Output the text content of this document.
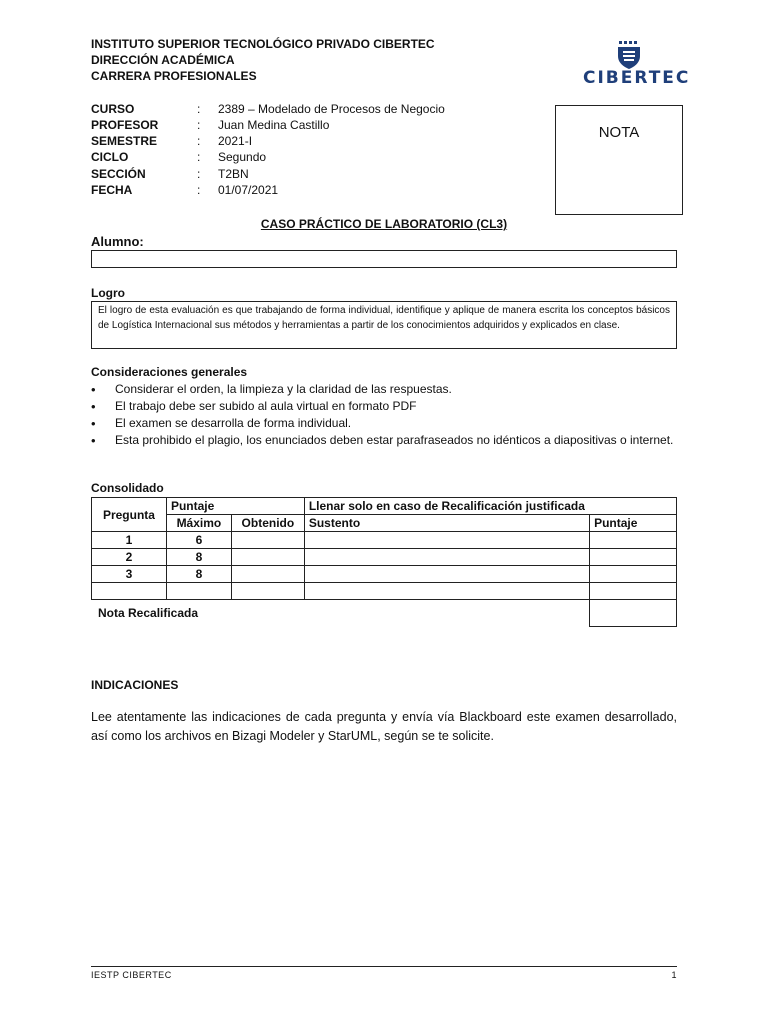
INSTITUTO SUPERIOR TECNOLÓGICO PRIVADO CIBERTEC
DIRECCIÓN ACADÉMICA
CARRERA PROFESIONALES	CIBERTEC
CURSO	: 2389 – Modelado de Procesos de Negocio
PROFESOR	: Juan Medina Castillo
SEMESTRE	: 2021-I
CICLO	: Segundo
SECCIÓN	: T2BN
FECHA	: 01/07/2021
NOTA
CASO PRÁCTICO DE LABORATORIO (CL3)
Alumno:
Logro
El logro de esta evaluación es que trabajando de forma individual, identifique y aplique de manera escrita los conceptos básicos de Logística Internacional sus métodos y herramientas a partir de los conocimientos adquiridos y explicados en clase.
Consideraciones generales
• Considerar el orden, la limpieza y la claridad de las respuestas.
• El trabajo debe ser subido al aula virtual en formato PDF
• El examen se desarrolla de forma individual.
• Esta prohibido el plagio, los enunciados deben estar parafraseados no idénticos a diapositivas o internet.
Consolidado
Pregunta	Puntaje		Llenar solo en caso de Recalificación justificada	
	Máximo	Obtenido	Sustento	Puntaje
1	6			
2	8			
3	8			

Nota Recalificada
INDICACIONES
Lee atentamente las indicaciones de cada pregunta y envía vía Blackboard este examen desarrollado, así como los archivos en Bizagi Modeler y StarUML, según se te solicite.
IESTP CIBERTEC	1
